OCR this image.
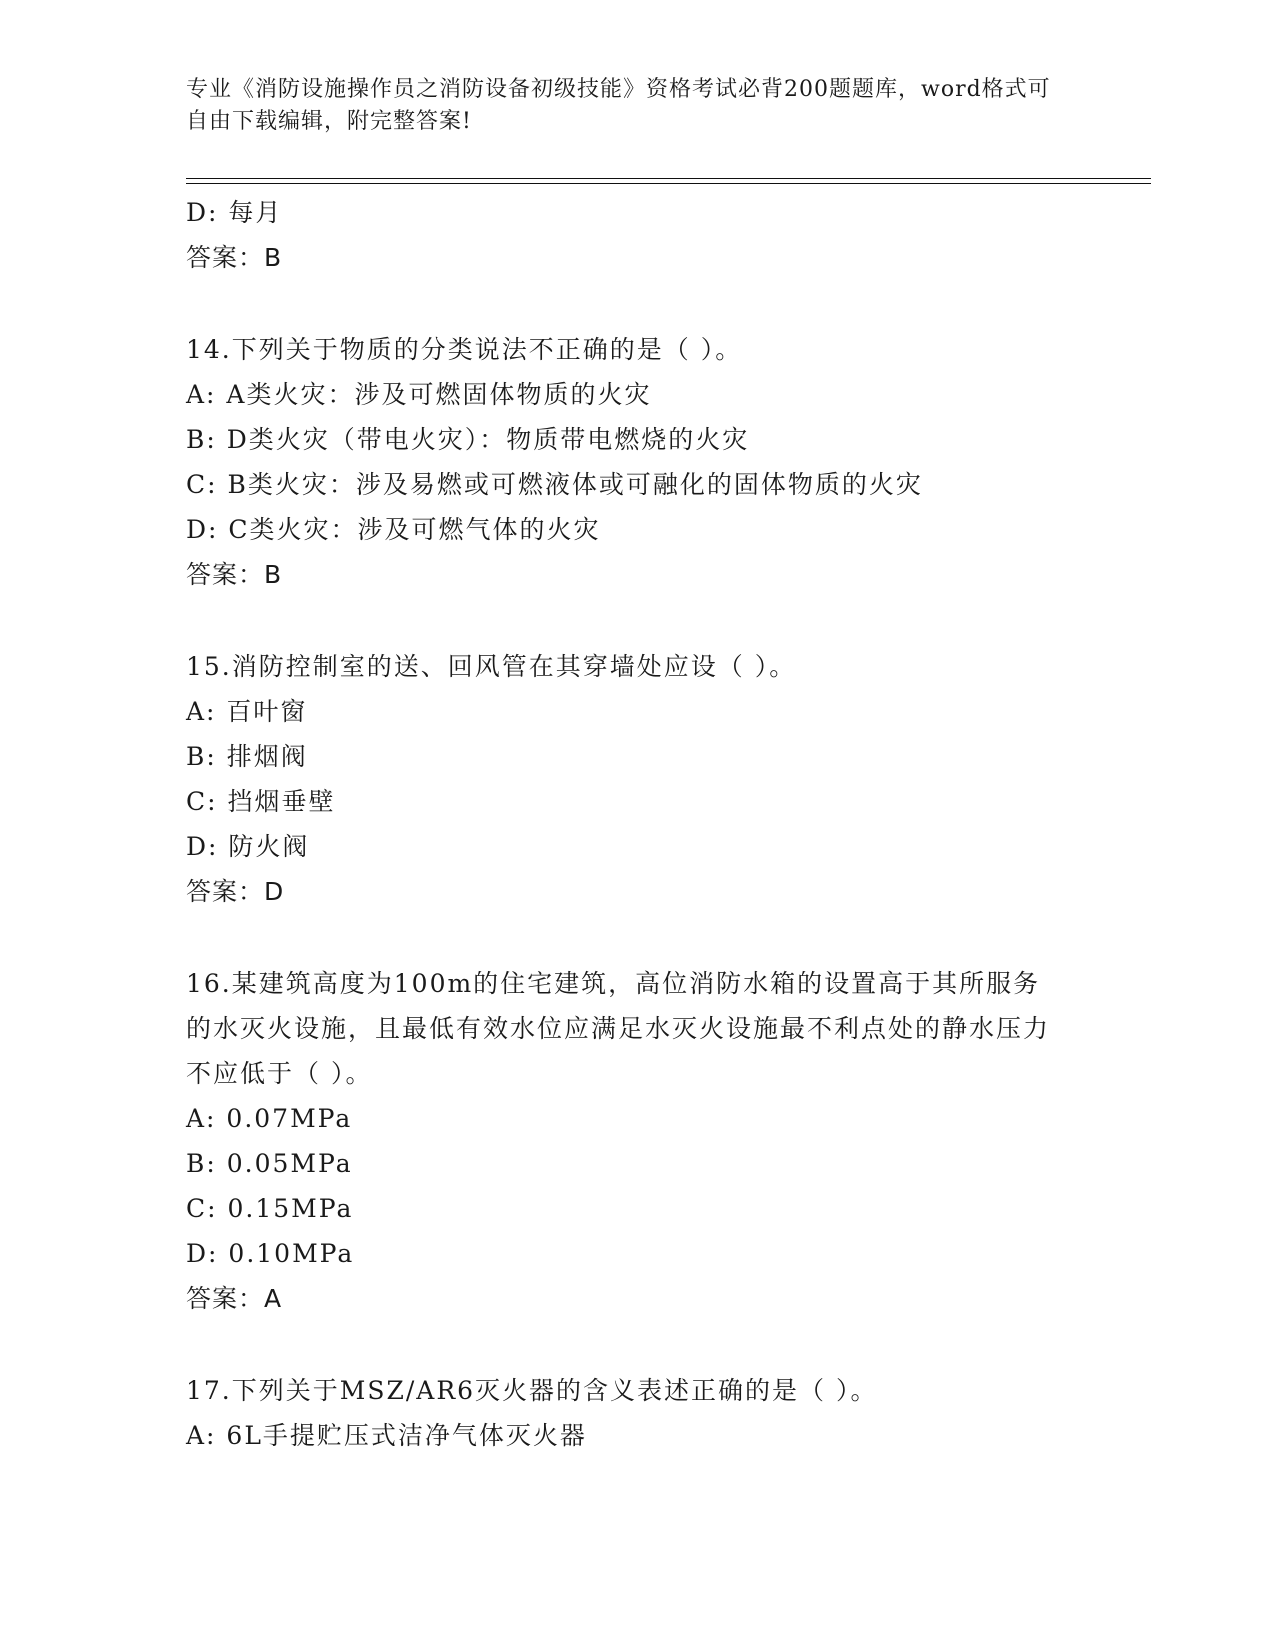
专业《消防设施操作员之消防设备初级技能》资格考试必背200题题库，word格式可自由下载编辑，附完整答案!
D: 每月
答案：B
14.下列关于物质的分类说法不正确的是（ ）。
A: A类火灾：涉及可燃固体物质的火灾
B: D类火灾（带电火灾）：物质带电燃烧的火灾
C: B类火灾：涉及易燃或可燃液体或可融化的固体物质的火灾
D: C类火灾：涉及可燃气体的火灾
答案：B
15.消防控制室的送、回风管在其穿墙处应设（ ）。
A: 百叶窗
B: 排烟阀
C: 挡烟垂壁
D: 防火阀
答案：D
16.某建筑高度为100m的住宅建筑，高位消防水箱的设置高于其所服务的水灭火设施，且最低有效水位应满足水灭火设施最不利点处的静水压力不应低于（ ）。
A: 0.07MPa
B: 0.05MPa
C: 0.15MPa
D: 0.10MPa
答案：A
17.下列关于MSZ/AR6灭火器的含义表述正确的是（ ）。
A: 6L手提贮压式洁净气体灭火器
